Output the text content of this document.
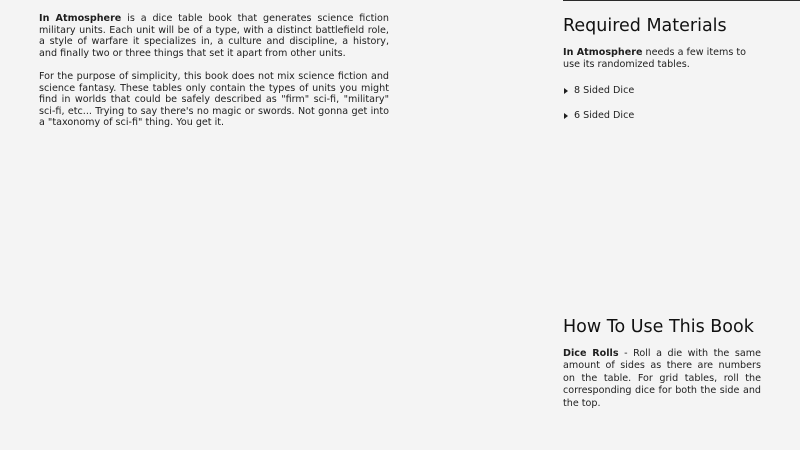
In Atmosphere is a dice table book that generates science fiction military units. Each unit will be of a type, with a distinct battlefield role, a style of warfare it specializes in, a culture and discipline, a history, and finally two or three things that set it apart from other units.

For the purpose of simplicity, this book does not mix science fiction and science fantasy. These tables only contain the types of units you might find in worlds that could be safely described as "firm" sci-fi, "military" sci-fi, etc... Trying to say there's no magic or swords. Not gonna get into a "taxonomy of sci-fi" thing. You get it.

Required Materials

In Atmosphere needs a few items to use its randomized tables.

8 Sided Dice
6 Sided Dice
How To Use This Book

Dice Rolls - Roll a die with the same amount of sides as there are numbers on the table. For grid tables, roll the corresponding dice for both the side and the top.
